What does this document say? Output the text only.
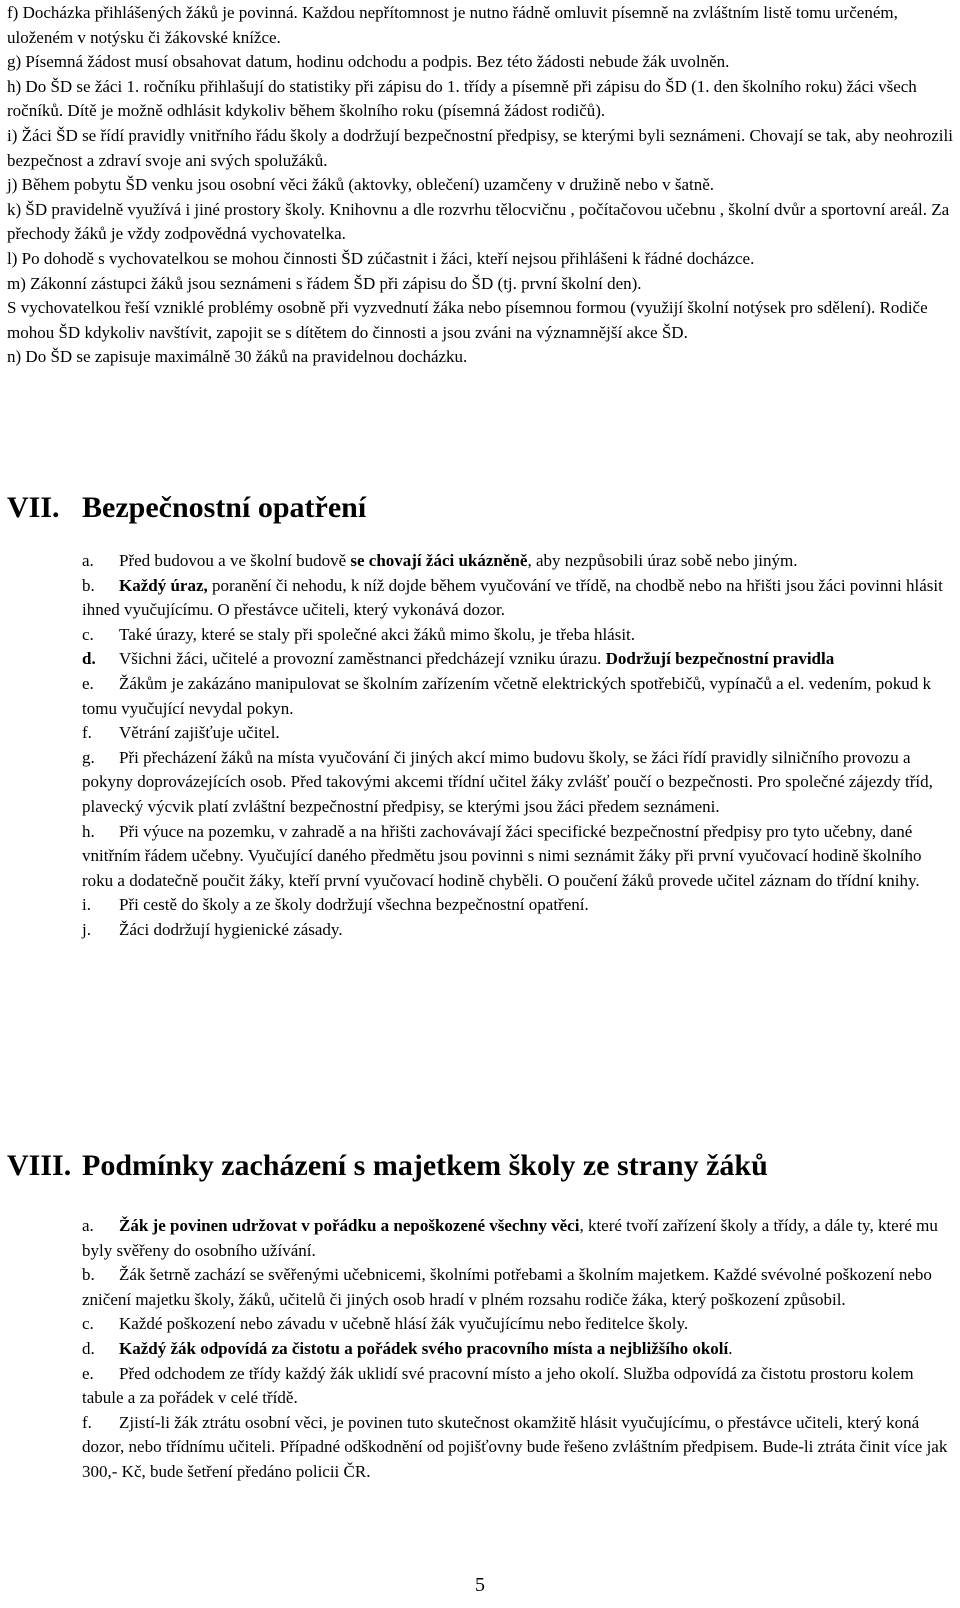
f) Docházka přihlášených žáků je povinná. Každou nepřítomnost je nutno řádně omluvit písemně na zvláštním listě tomu určeném, uloženém v notýsku či žákovské knížce.

g) Písemná žádost musí obsahovat datum, hodinu odchodu a podpis. Bez této žádosti nebude žák uvolněn.

h) Do ŠD se žáci 1. ročníku přihlašují do statistiky při zápisu do 1. třídy a písemně při zápisu do ŠD (1. den školního roku) žáci všech ročníků. Dítě je možně odhlásit kdykoliv během školního roku (písemná žádost rodičů).

i) Žáci ŠD se řídí pravidly vnitřního řádu školy a dodržují bezpečnostní předpisy, se kterými byli seznámeni. Chovají se tak, aby neohrozili bezpečnost a zdraví svoje ani svých spolužáků.

j) Během pobytu ŠD venku jsou osobní věci žáků (aktovky, oblečení) uzamčeny v družině nebo v šatně.

k) ŠD pravidelně využívá i jiné prostory školy. Knihovnu a dle rozvrhu tělocvičnu , počítačovou učebnu , školní dvůr a sportovní areál. Za přechody žáků je vždy zodpovědná vychovatelka.

l) Po dohodě s vychovatelkou se mohou činnosti ŠD zúčastnit i žáci, kteří nejsou přihlášeni k řádné docházce.

m) Zákonní zástupci žáků jsou seznámeni s řádem ŠD při zápisu do ŠD (tj. první školní den).

S vychovatelkou řeší vzniklé problémy osobně při vyzvednutí žáka nebo písemnou formou (využijí školní notýsek pro sdělení). Rodiče mohou ŠD kdykoliv navštívit, zapojit se s dítětem do činnosti a jsou zváni na významnější akce ŠD.

n) Do ŠD se zapisuje maximálně 30 žáků na pravidelnou docházku.

VII. Bezpečnostní opatření

a. Před budovou a ve školní budově se chovají žáci ukázněně, aby nezpůsobili úraz sobě nebo jiným.

b. Každý úraz, poranění či nehodu, k níž dojde během vyučování ve třídě, na chodbě nebo na hřišti jsou žáci povinni hlásit ihned vyučujícímu. O přestávce učiteli, který vykonává dozor.

c. Také úrazy, které se staly při společné akci žáků mimo školu, je třeba hlásit.

d. Všichni žáci, učitelé a provozní zaměstnanci předcházejí vzniku úrazu. Dodržují bezpečnostní pravidla

e. Žákům je zakázáno manipulovat se školním zařízením včetně elektrických spotřebičů, vypínačů a el. vedením, pokud k tomu vyučující nevydal pokyn.

f. Větrání zajišťuje učitel.

g. Při přecházení žáků na místa vyučování či jiných akcí mimo budovu školy, se žáci řídí pravidly silničního provozu a pokyny doprovázejících osob. Před takovými akcemi třídní učitel žáky zvlášť poučí o bezpečnosti. Pro společné zájezdy tříd, plavecký výcvik platí zvláštní bezpečnostní předpisy, se kterými jsou žáci předem seznámeni.

h. Při výuce na pozemku, v zahradě a na hřišti zachovávají žáci specifické bezpečnostní předpisy pro tyto učebny, dané vnitřním řádem učebny. Vyučující daného předmětu jsou povinni s nimi seznámit žáky při první vyučovací hodině školního roku a dodatečně poučit žáky, kteří první vyučovací hodině chyběli. O poučení žáků provede učitel záznam do třídní knihy.

i. Při cestě do školy a ze školy dodržují všechna bezpečnostní opatření.

j. Žáci dodržují hygienické zásady.

VIII. Podmínky zacházení s majetkem školy ze strany žáků

a. Žák je povinen udržovat v pořádku a nepoškozené všechny věci, které tvoří zařízení školy a třídy, a dále ty, které mu byly svěřeny do osobního užívání.

b. Žák šetrně zachází se svěřenými učebnicemi, školními potřebami a školním majetkem. Každé svévolné poškození nebo zničení majetku školy, žáků, učitelů či jiných osob hradí v plném rozsahu rodiče žáka, který poškození způsobil.

c. Každé poškození nebo závadu v učebně hlásí žák vyučujícímu nebo ředitelce školy.

d. Každý žák odpovídá za čistotu a pořádek svého pracovního místa a nejbližšího okolí.

e. Před odchodem ze třídy každý žák uklidí své pracovní místo a jeho okolí. Služba odpovídá za čistotu prostoru kolem tabule a za pořádek v celé třídě.

f. Zjistí-li žák ztrátu osobní věci, je povinen tuto skutečnost okamžitě hlásit vyučujícímu, o přestávce učiteli, který koná dozor, nebo třídnímu učiteli. Případné odškodnění od pojišťovny bude řešeno zvláštním předpisem. Bude-li ztráta činit více jak 300,- Kč, bude šetření předáno policii ČR.

5
